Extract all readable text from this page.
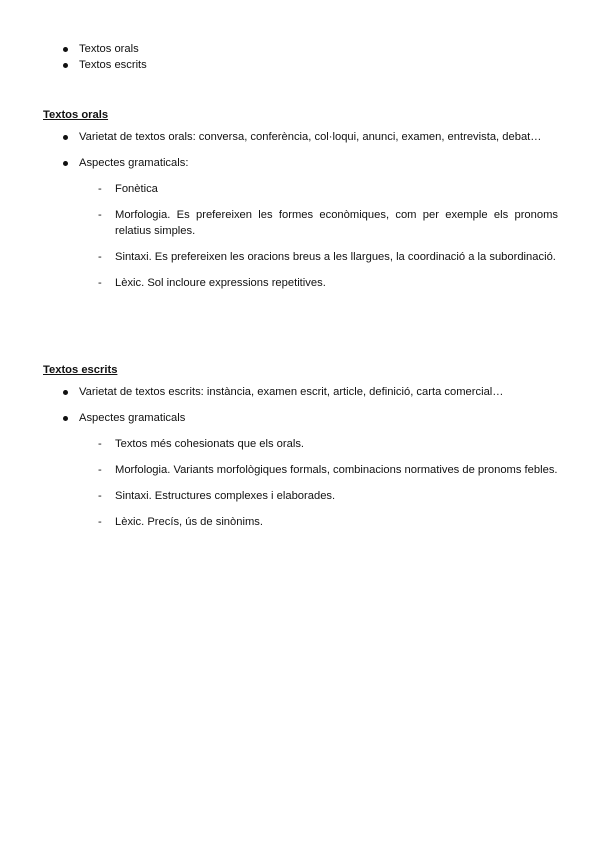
Textos orals
Textos escrits
Textos orals
Varietat de textos orals: conversa, conferència, col·loqui, anunci, examen, entrevista, debat…
Aspectes gramaticals:
- Fonètica
- Morfologia. Es prefereixen les formes econòmiques, com per exemple els pronoms relatius simples.
- Sintaxi. Es prefereixen les oracions breus a les llargues, la coordinació a la subordinació.
- Lèxic. Sol incloure expressions repetitives.
Textos escrits
Varietat de textos escrits: instància, examen escrit, article, definició, carta comercial…
Aspectes gramaticals
- Textos més cohesionats que els orals.
- Morfologia. Variants morfològiques formals, combinacions normatives de pronoms febles.
- Sintaxi. Estructures complexes i elaborades.
- Lèxic. Precís, ús de sinònims.
